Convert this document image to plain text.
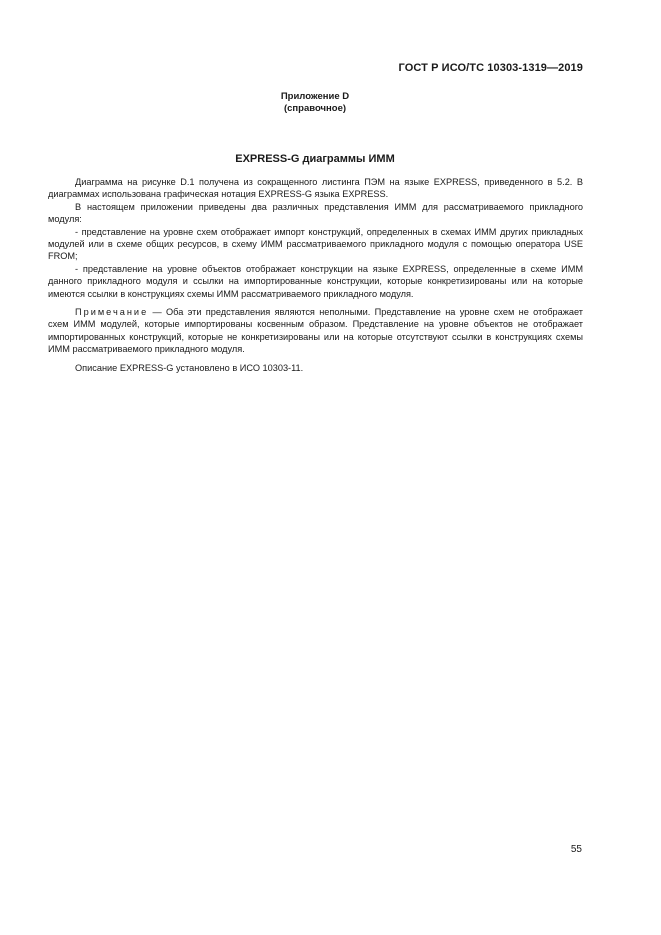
ГОСТ Р ИСО/ТС 10303-1319—2019
Приложение D
(справочное)
EXPRESS-G диаграммы ИММ

Диаграмма на рисунке D.1 получена из сокращенного листинга ПЭМ на языке EXPRESS, приведенного в 5.2. В диаграммах использована графическая нотация EXPRESS-G языка EXPRESS.

В настоящем приложении приведены два различных представления ИММ для рассматриваемого прикладного модуля:

- представление на уровне схем отображает импорт конструкций, определенных в схемах ИММ других прикладных модулей или в схеме общих ресурсов, в схему ИММ рассматриваемого прикладного модуля с помощью оператора USE FROM;

- представление на уровне объектов отображает конструкции на языке EXPRESS, определенные в схеме ИММ данного прикладного модуля и ссылки на импортированные конструкции, которые конкретизированы или на которые имеются ссылки в конструкциях схемы ИММ рассматриваемого прикладного модуля.

Примечание — Оба эти представления являются неполными. Представление на уровне схем не отображает схем ИММ модулей, которые импортированы косвенным образом. Представление на уровне объектов не отображает импортированных конструкций, которые не конкретизированы или на которые отсутствуют ссылки в конструкциях схемы ИММ рассматриваемого прикладного модуля.

Описание EXPRESS-G установлено в ИСО 10303-11.

55
